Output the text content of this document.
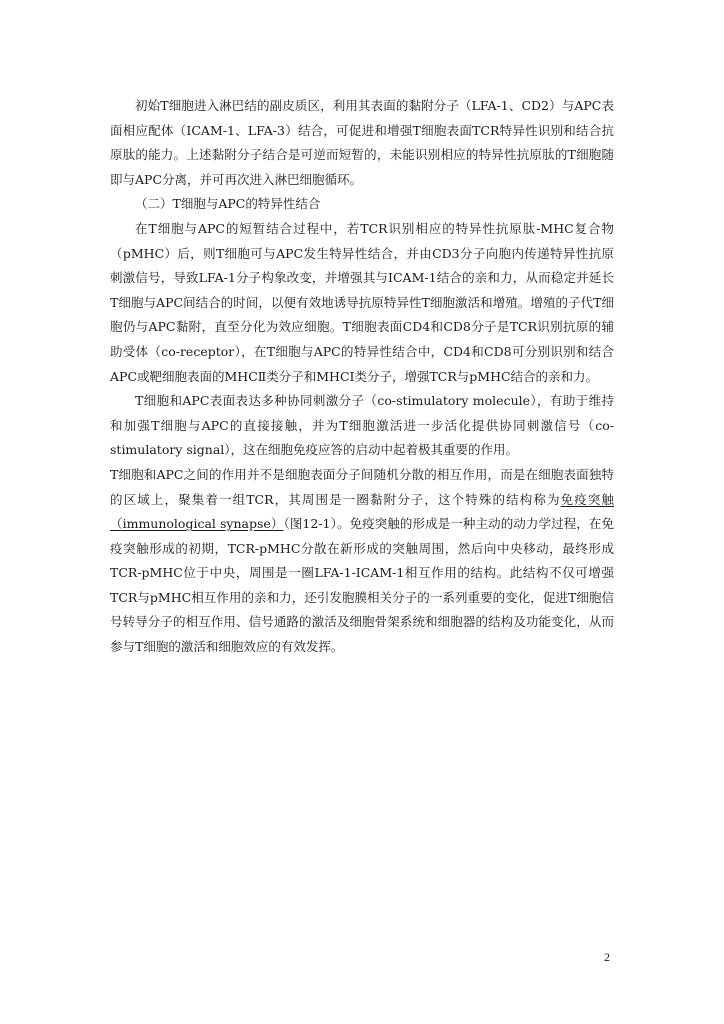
初始T细胞进入淋巴结的副皮质区，利用其表面的黏附分子（LFA-1、CD2）与APC表面相应配体（ICAM-1、LFA-3）结合，可促进和增强T细胞表面TCR特异性识别和结合抗原肽的能力。上述黏附分子结合是可逆而短暂的，未能识别相应的特异性抗原肽的T细胞随即与APC分离，并可再次进入淋巴细胞循环。

（二）T细胞与APC的特异性结合

在T细胞与APC的短暂结合过程中，若TCR识别相应的特异性抗原肽-MHC复合物（pMHC）后，则T细胞可与APC发生特异性结合，并由CD3分子向胞内传递特异性抗原刺激信号，导致LFA-1分子构象改变，并增强其与ICAM-1结合的亲和力，从而稳定并延长T细胞与APC间结合的时间，以便有效地诱导抗原特异性T细胞激活和增殖。增殖的子代T细胞仍与APC黏附，直至分化为效应细胞。T细胞表面CD4和CD8分子是TCR识别抗原的辅助受体（co-receptor），在T细胞与APC的特异性结合中，CD4和CD8可分别识别和结合APC或靶细胞表面的MHCⅡ类分子和MHCⅠ类分子，增强TCR与pMHC结合的亲和力。

T细胞和APC表面表达多种协同刺激分子（co-stimulatory molecule），有助于维持和加强T细胞与APC的直接接触，并为T细胞激活进一步活化提供协同刺激信号（co-stimulatory signal），这在细胞免疫应答的启动中起着极其重要的作用。

T细胞和APC之间的作用并不是细胞表面分子间随机分散的相互作用，而是在细胞表面独特的区域上，聚集着一组TCR，其周围是一圈黏附分子，这个特殊的结构称为免疫突触（immunological synapse）（图12-1）。免疫突触的形成是一种主动的动力学过程，在免疫突触形成的初期，TCR-pMHC分散在新形成的突触周围，然后向中央移动，最终形成TCR-pMHC位于中央，周围是一圈LFA-1-ICAM-1相互作用的结构。此结构不仅可增强TCR与pMHC相互作用的亲和力，还引发胞膜相关分子的一系列重要的变化，促进T细胞信号转导分子的相互作用、信号通路的激活及细胞骨架系统和细胞器的结构及功能变化，从而参与T细胞的激活和细胞效应的有效发挥。

2
